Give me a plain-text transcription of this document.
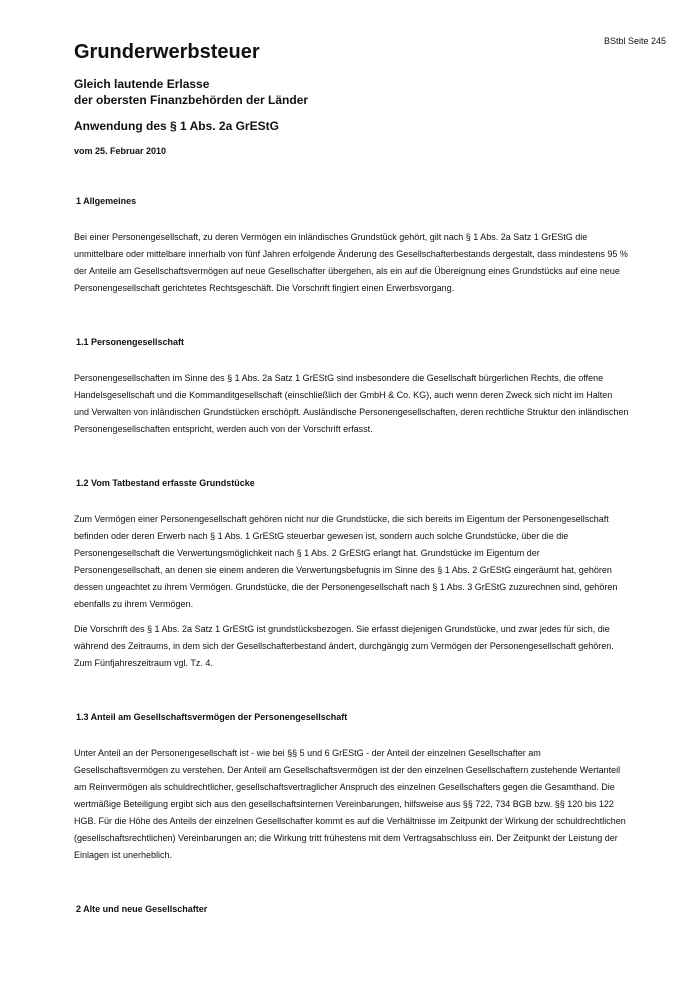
BStbl Seite 245
Grunderwerbsteuer
Gleich lautende Erlasse
der obersten Finanzbehörden der Länder
Anwendung des § 1 Abs. 2a GrEStG
vom 25. Februar 2010
1 Allgemeines

Bei einer Personengesellschaft, zu deren Vermögen ein inländisches Grundstück gehört, gilt nach § 1 Abs. 2a Satz 1 GrEStG die unmittelbare oder mittelbare innerhalb von fünf Jahren erfolgende Änderung des Gesellschafterbestands dergestalt, dass mindestens 95 % der Anteile am Gesellschaftsvermögen auf neue Gesellschafter übergehen, als ein auf die Übereignung eines Grundstücks auf eine neue Personengesellschaft gerichtetes Rechtsgeschäft. Die Vorschrift fingiert einen Erwerbsvorgang.

1.1 Personengesellschaft

Personengesellschaften im Sinne des § 1 Abs. 2a Satz 1 GrEStG sind insbesondere die Gesellschaft bürgerlichen Rechts, die offene Handelsgesellschaft und die Kommanditgesellschaft (einschließlich der GmbH & Co. KG), auch wenn deren Zweck sich nicht im Halten und Verwalten von inländischen Grundstücken erschöpft. Ausländische Personengesellschaften, deren rechtliche Struktur den inländischen Personengesellschaften entspricht, werden auch von der Vorschrift erfasst.

1.2 Vom Tatbestand erfasste Grundstücke

Zum Vermögen einer Personengesellschaft gehören nicht nur die Grundstücke, die sich bereits im Eigentum der Personengesellschaft befinden oder deren Erwerb nach § 1 Abs. 1 GrEStG steuerbar gewesen ist, sondern auch solche Grundstücke, über die die Personengesellschaft die Verwertungsmöglichkeit nach § 1 Abs. 2 GrEStG erlangt hat. Grundstücke im Eigentum der Personengesellschaft, an denen sie einem anderen die Verwertungsbefugnis im Sinne des § 1 Abs. 2 GrEStG eingeräumt hat, gehören dessen ungeachtet zu ihrem Vermögen. Grundstücke, die der Personengesellschaft nach § 1 Abs. 3 GrEStG zuzurechnen sind, gehören ebenfalls zu ihrem Vermögen.

Die Vorschrift des § 1 Abs. 2a Satz 1 GrEStG ist grundstücksbezogen. Sie erfasst diejenigen Grundstücke, und zwar jedes für sich, die während des Zeitraums, in dem sich der Gesellschafterbestand ändert, durchgängig zum Vermögen der Personengesellschaft gehören. Zum Fünfjahreszeitraum vgl. Tz. 4.

1.3 Anteil am Gesellschaftsvermögen der Personengesellschaft

Unter Anteil an der Personengesellschaft ist - wie bei §§ 5 und 6 GrEStG - der Anteil der einzelnen Gesellschafter am Gesellschaftsvermögen zu verstehen. Der Anteil am Gesellschaftsvermögen ist der den einzelnen Gesellschaftern zustehende Wertanteil am Reinvermögen als schuldrechtlicher, gesellschaftsvertraglicher Anspruch des einzelnen Gesellschafters gegen die Gesamthand. Die wertmäßige Beteiligung ergibt sich aus den gesellschaftsinternen Vereinbarungen, hilfsweise aus §§ 722, 734 BGB bzw. §§ 120 bis 122 HGB. Für die Höhe des Anteils der einzelnen Gesellschafter kommt es auf die Verhältnisse im Zeitpunkt der Wirkung der schuldrechtlichen (gesellschaftsrechtlichen) Vereinbarungen an; die Wirkung tritt frühestens mit dem Vertragsabschluss ein. Der Zeitpunkt der Leistung der Einlagen ist unerheblich.

2 Alte und neue Gesellschafter
